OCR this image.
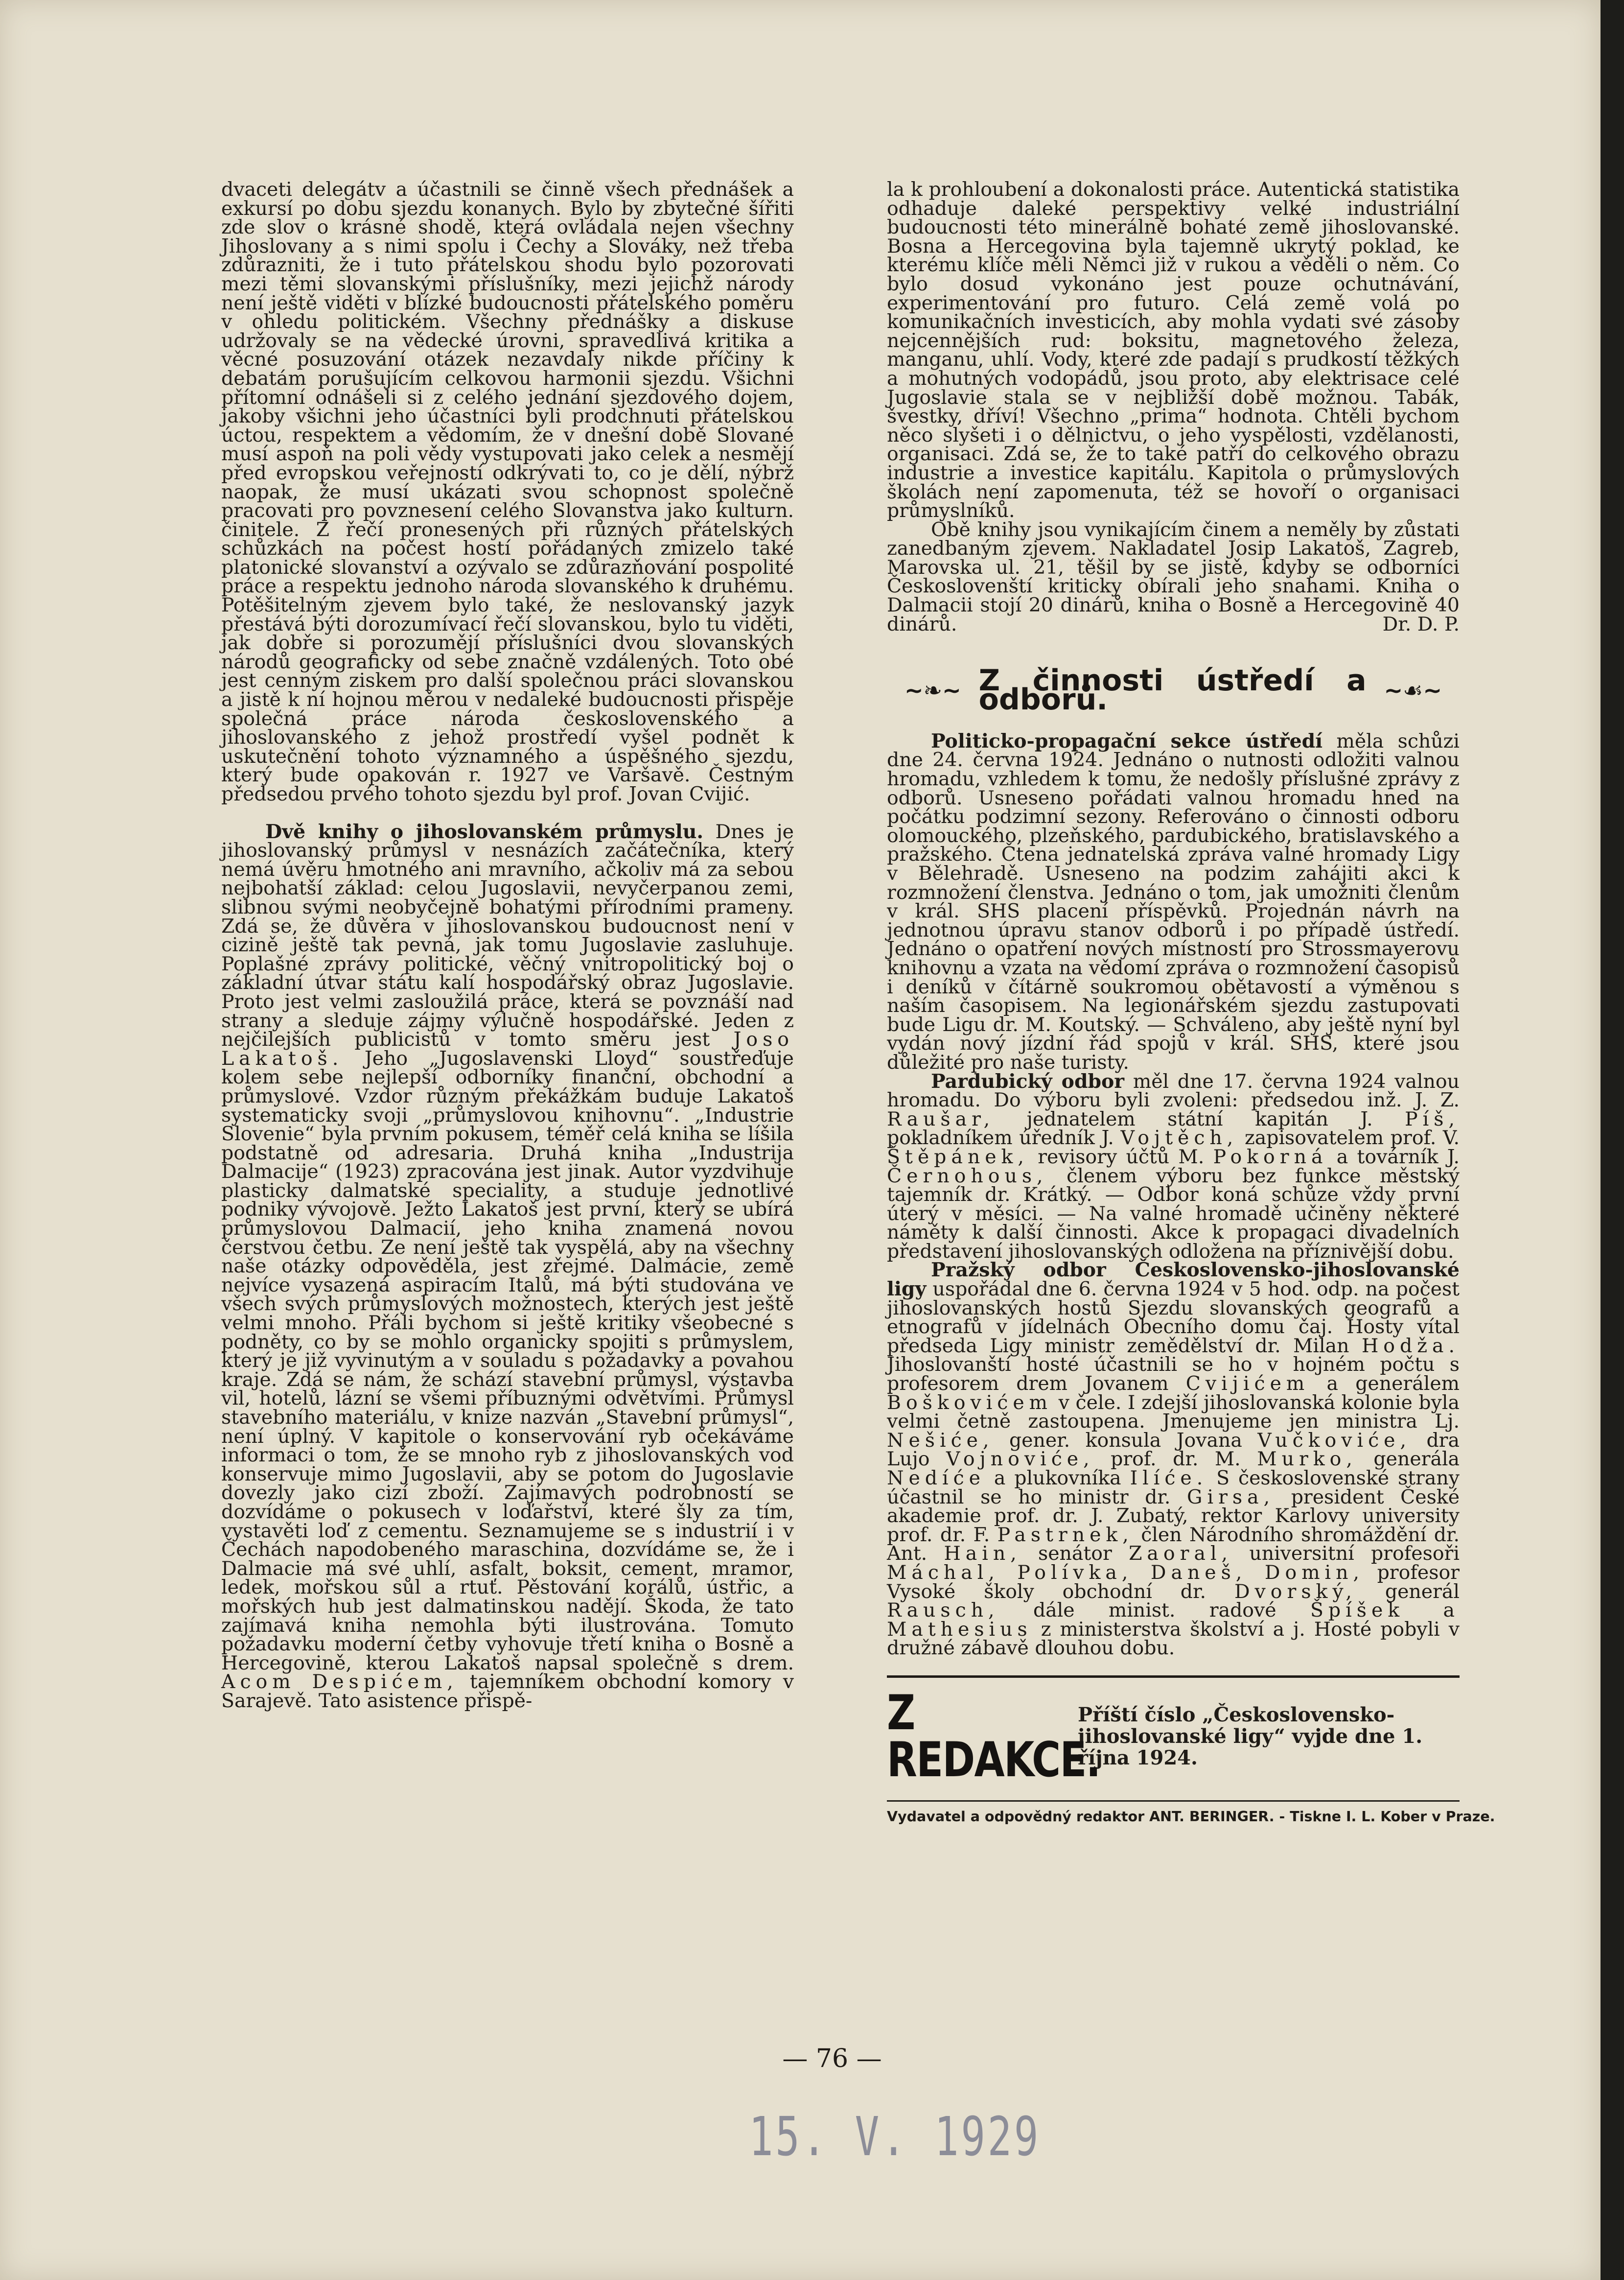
dvaceti delegátv a účastnili se činně všech přednášek a exkursí po dobu sjezdu konanych. Bylo by zbytečné šířiti zde slov o krásné shodě, která ovládala nejen všechny Jihoslovany a s nimi spolu i Čechy a Slováky, než třeba zdůrazniti, že i tuto přátelskou shodu bylo pozorovati mezi těmi slovanskými příslušníky, mezi jejichž národy není ještě viděti v blízké budoucnosti přátelského poměru v ohledu politickém. Všechny přednášky a diskuse udržovaly se na vědecké úrovni, spravedlivá kritika a věcné posuzování otázek nezavdaly nikde příčiny k debatám porušujícím celkovou harmonii sjezdu. Všichni přítomní odnášeli si z celého jednání sjezdového dojem, jakoby všichni jeho účastníci byli prodchnuti přátelskou úctou, respektem a vědomím, že v dnešní době Slované musí aspoň na poli vědy vystupovati jako celek a nesmějí před evropskou veřejností odkrývati to, co je dělí, nýbrž naopak, že musí ukázati svou schopnost společně pracovati pro povznesení celého Slovanstva jako kulturn. činitele. Z řečí pronesených při různých přátelských schůzkách na počest hostí pořádaných zmizelo také platonické slovanství a ozývalo se zdůrazňování pospolité práce a respektu jednoho národa slovanského k druhému. Potěšitelným zjevem bylo také, že neslovanský jazyk přestává býti dorozumívací řečí slovanskou, bylo tu viděti, jak dobře si porozumějí příslušníci dvou slovanských národů geograficky od sebe značně vzdálených. Toto obé jest cenným ziskem pro další společnou práci slovanskou a jistě k ní hojnou měrou v nedaleké budoucnosti přispěje společná práce národa československého a jihoslovanského z jehož prostředí vyšel podnět k uskutečnění tohoto významného a úspěšného sjezdu, který bude opakován r. 1927 ve Varšavě. Čestným předsedou prvého tohoto sjezdu byl prof. Jovan Cvijić.

Dvě knihy o jihoslovanském průmyslu. Dnes je jihoslovanský průmysl v nesnázích začátečníka, který nemá úvěru hmotného ani mravního, ačkoliv má za sebou nejbohatší základ: celou Jugoslavii, nevyčerpanou zemi, slibnou svými neobyčejně bohatými přírodními prameny. Zdá se, že důvěra v jihoslovanskou budoucnost není v cizině ještě tak pevná, jak tomu Jugoslavie zasluhuje. Poplašné zprávy politické, věčný vnitropolitický boj o základní útvar státu kalí hospodářský obraz Jugoslavie. Proto jest velmi zasloužilá práce, která se povznáší nad strany a sleduje zájmy výlučně hospodářské. Jeden z nejčilejších publicistů v tomto směru jest Joso Lakatoš. Jeho „Jugoslavenski Lloyd“ soustřeďuje kolem sebe nejlepší odborníky finanční, obchodní a průmyslové. Vzdor různým překážkám buduje Lakatoš systematicky svoji „průmyslovou knihovnu“. „Industrie Slovenie“ byla prvním pokusem, téměř celá kniha se líšila podstatně od adresaria. Druhá kniha „Industrija Dalmacije“ (1923) zpracována jest jinak. Autor vyzdvihuje plasticky dalmatské speciality, a studuje jednotlivé podniky vývojově. Ježto Lakatoš jest první, který se ubírá průmyslovou Dalmacií, jeho kniha znamená novou čerstvou četbu. Ze není ještě tak vyspělá, aby na všechny naše otázky odpověděla, jest zřejmé. Dalmácie, země nejvíce vysazená aspiracím Italů, má býti studována ve všech svých průmyslových možnostech, kterých jest ještě velmi mnoho. Přáli bychom si ještě kritiky všeobecné s podněty, co by se mohlo organicky spojiti s průmyslem, který je již vyvinutým a v souladu s požadavky a povahou kraje. Zdá se nám, že schází stavební průmysl, výstavba vil, hotelů, lázní se všemi příbuznými odvětvími. Průmysl stavebního materiálu, v knize nazván „Stavební průmysl“, není úplný. V kapitole o konservování ryb očekáváme informaci o tom, že se mnoho ryb z jihoslovanských vod konservuje mimo Jugoslavii, aby se potom do Jugoslavie dovezly jako cizí zboží. Zajímavých podrobností se dozvídáme o pokusech v loďařství, které šly za tím, vystavěti loď z cementu. Seznamujeme se s industrií i v Čechách napodobeného maraschina, dozvídáme se, že i Dalmacie má své uhlí, asfalt, boksit, cement, mramor, ledek, mořskou sůl a rtuť. Pěstování korálů, ústřic, a mořských hub jest dalmatinskou nadějí. Škoda, že tato zajímavá kniha nemohla býti ilustrována. Tomuto požadavku moderní četby vyhovuje třetí kniha o Bosně a Hercegovině, kterou Lakatoš napsal společně s drem. Acom Despićem, tajemníkem obchodní komory v Sarajevě. Tato asistence přispě-

la k prohloubení a dokonalosti práce. Autentická statistika odhaduje daleké perspektivy velké industriální budoucnosti této minerálně bohaté země jihoslovanské. Bosna a Hercegovina byla tajemně ukrytý poklad, ke kterému klíče měli Němci již v rukou a věděli o něm. Co bylo dosud vykonáno jest pouze ochutnávání, experimentování pro futuro. Celá země volá po komunikačních investicích, aby mohla vydati své zásoby nejcennějších rud: boksitu, magnetového železa, manganu, uhlí. Vody, které zde padají s prudkostí těžkých a mohutných vodopádů, jsou proto, aby elektrisace celé Jugoslavie stala se v nejbližší době možnou. Tabák, švestky, dříví! Všechno „prima“ hodnota. Chtěli bychom něco slyšeti i o dělnictvu, o jeho vyspělosti, vzdělanosti, organisaci. Zdá se, že to také patří do celkového obrazu industrie a investice kapitálu. Kapitola o průmyslových školách není zapomenuta, též se hovoří o organisaci průmyslníků.

Obě knihy jsou vynikajícím činem a neměly by zůstati zanedbaným zjevem. Nakladatel Josip Lakatoš, Zagreb, Marovska ul. 21, těšil by se jistě, kdyby se odborníci Českoslovenští kriticky obírali jeho snahami. Kniha o Dalmacii stojí 20 dinárů, kniha o Bosně a Hercegovině 40 dinárů.	Dr. D. P.
~❧~ Z činnosti ústředí a odborů.	~☙~

Politicko-propagační sekce ústředí měla schůzi dne 24. června 1924. Jednáno o nutnosti odložiti valnou hromadu, vzhledem k tomu, že nedošly příslušné zprávy z odborů. Usneseno pořádati valnou hromadu hned na počátku podzimní sezony. Referováno o činnosti odboru olomouckého, plzeňského, pardubického, bratislavského a pražského. Čtena jednatelská zpráva valné hromady Ligy v Bělehradě. Usneseno na podzim zahájiti akci k rozmnožení členstva. Jednáno o tom, jak umožniti členům v král. SHS placení příspěvků. Projednán návrh na jednotnou úpravu stanov odborů i po případě ústředí. Jednáno o opatření nových místností pro Strossmayerovu knihovnu a vzata na vědomí zpráva o rozmnožení časopisů i deníků v čítárně soukromou obětavostí a výměnou s naším časopisem. Na legionářském sjezdu zastupovati bude Ligu dr. M. Koutský. — Schváleno, aby ještě nyní byl vydán nový jízdní řád spojů v král. SHS, které jsou důležité pro naše turisty.

Pardubický odbor měl dne 17. června 1924 valnou hromadu. Do výboru byli zvoleni: předsedou inž. J. Z. Raušar, jednatelem státní kapitán J. Píš, pokladníkem úředník J. Vojtěch, zapisovatelem prof. V. Štěpánek, revisory účtů M. Pokorná a továrník J. Černohous, členem výboru bez funkce městský tajemník dr. Krátký. — Odbor koná schůze vždy první úterý v měsíci. — Na valné hromadě učiněny některé náměty k další činnosti. Akce k propagaci divadelních představení jihoslovanských odložena na příznivější dobu.

Pražský odbor Československo-jihoslovanské ligy uspořádal dne 6. června 1924 v 5 hod. odp. na počest jihoslovanských hostů Sjezdu slovanských geografů a etnografů v jídelnách Obecního domu čaj. Hosty vítal předseda Ligy ministr zemědělství dr. Milan Hodža. Jihoslovanští hosté účastnili se ho v hojném počtu s profesorem drem Jovanem Cvijićem a generálem Boškovićem v čele. I zdejší jihoslovanská kolonie byla velmi četně zastoupena. Jmenujeme jen ministra Lj. Nešiće, gener. konsula Jovana Vučkoviće, dra Lujo Vojnoviće, prof. dr. M. Murko, generála Nedíće a plukovníka Ilíće. S československé strany účastnil se ho ministr dr. Girsa, president České akademie prof. dr. J. Zubatý, rektor Karlovy university prof. dr. F. Pastrnek, člen Národního shromáždění dr. Ant. Hain, senátor Zaoral, universitní profesoři Máchal, Polívka, Daneš, Domin, profesor Vysoké školy obchodní dr. Dvorský, generál Rausch, dále minist. radové Špíšek a Mathesius z ministerstva školství a j. Hosté pobyli v družné zábavě dlouhou dobu.

Z REDAKCE.
Příští číslo „Československo-jihoslovanské ligy“ vyjde dne 1. října 1924.
Vydavatel a odpovědný redaktor ANT. BERINGER. - Tiskne I. L. Kober v Praze.
— 76 —
15. V. 1929
